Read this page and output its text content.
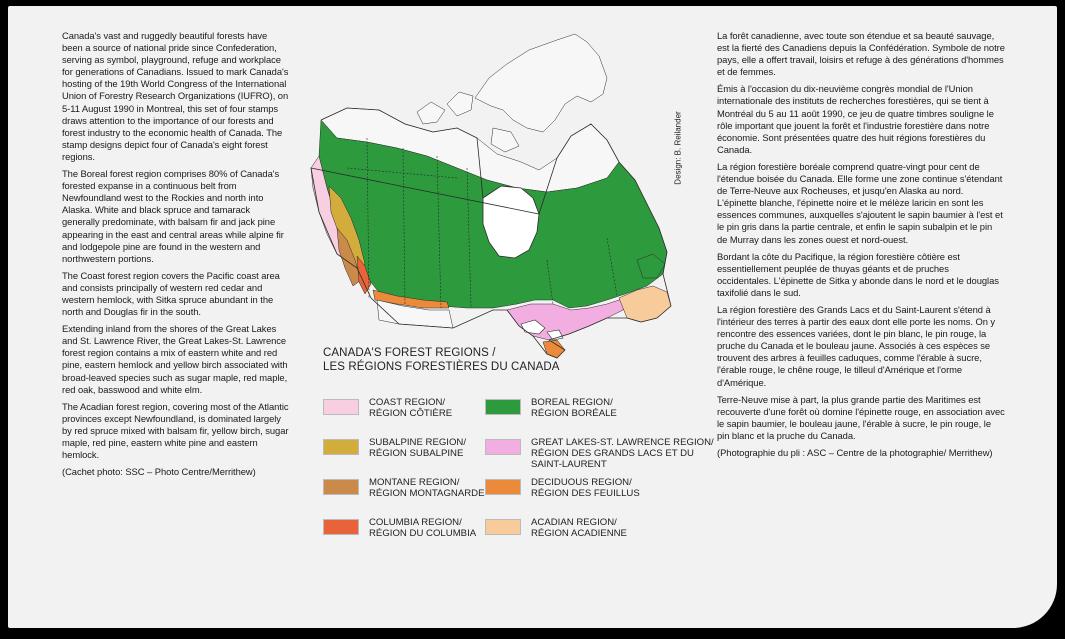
Canada's vast and ruggedly beautiful forests have been a source of national pride since Confederation, serving as symbol, playground, refuge and workplace for generations of Canadians. Issued to mark Canada's hosting of the 19th World Congress of the International Union of Forestry Research Organizations (IUFRO), on 5-11 August 1990 in Montreal, this set of four stamps draws attention to the importance of our forests and forest industry to the economic health of Canada. The stamp designs depict four of Canada's eight forest regions.

The Boreal forest region comprises 80% of Canada's forested expanse in a continuous belt from Newfoundland west to the Rockies and north into Alaska. White and black spruce and tamarack generally predominate, with balsam fir and jack pine appearing in the east and central areas while alpine fir and lodgepole pine are found in the western and northwestern portions.

The Coast forest region covers the Pacific coast area and consists principally of western red cedar and western hemlock, with Sitka spruce abundant in the north and Douglas fir in the south.

Extending inland from the shores of the Great Lakes and St. Lawrence River, the Great Lakes-St. Lawrence forest region contains a mix of eastern white and red pine, eastern hemlock and yellow birch associated with broad-leaved species such as sugar maple, red maple, red oak, basswood and white elm.

The Acadian forest region, covering most of the Atlantic provinces except Newfoundland, is dominated largely by red spruce mixed with balsam fir, yellow birch, sugar maple, red pine, eastern white pine and eastern hemlock.

(Cachet photo: SSC – Photo Centre/Merrithew)

La forêt canadienne, avec toute son étendue et sa beauté sauvage, est la fierté des Canadiens depuis la Confédération. Symbole de notre pays, elle a offert travail, loisirs et refuge à des générations d'hommes et de femmes.

Émis à l'occasion du dix-neuvième congrès mondial de l'Union internationale des instituts de recherches forestières, qui se tient à Montréal du 5 au 11 août 1990, ce jeu de quatre timbres souligne le rôle important que jouent la forêt et l'industrie forestière dans notre économie. Sont présentées quatre des huit régions forestières du Canada.

La région forestière boréale comprend quatre-vingt pour cent de l'étendue boisée du Canada. Elle forme une zone continue s'étendant de Terre-Neuve aux Rocheuses, et jusqu'en Alaska au nord. L'épinette blanche, l'épinette noire et le mélèze laricin en sont les essences communes, auxquelles s'ajoutent le sapin baumier à l'est et le pin gris dans la partie centrale, et enfin le sapin subalpin et le pin de Murray dans les zones ouest et nord-ouest.

Bordant la côte du Pacifique, la région forestière côtière est essentiellement peuplée de thuyas géants et de pruches occidentales. L'épinette de Sitka y abonde dans le nord et le douglas taxifolié dans le sud.

La région forestière des Grands Lacs et du Saint-Laurent s'étend à l'intérieur des terres à partir des eaux dont elle porte les noms. On y rencontre des essences variées, dont le pin blanc, le pin rouge, la pruche du Canada et le bouleau jaune. Associés à ces espèces se trouvent des arbres à feuilles caduques, comme l'érable à sucre, l'érable rouge, le chêne rouge, le tilleul d'Amérique et l'orme d'Amérique.

Terre-Neuve mise à part, la plus grande partie des Maritimes est recouverte d'une forêt où domine l'épinette rouge, en association avec le sapin baumier, le bouleau jaune, l'érable à sucre, le pin rouge, le pin blanc et la pruche du Canada.

(Photographie du pli : ASC – Centre de la photographie/ Merrithew)

Design: B. Reilander
CANADA'S FOREST REGIONS /
LES RÉGIONS FORESTIÈRES DU CANADA
COAST REGION/
RÉGION CÔTIÈRE
SUBALPINE REGION/
RÉGION SUBALPINE
MONTANE REGION/
RÉGION MONTAGNARDE
COLUMBIA REGION/
RÉGION DU COLUMBIA
BOREAL REGION/
RÉGION BORÉALE
GREAT LAKES-ST. LAWRENCE REGION/
RÉGION DES GRANDS LACS ET DU
SAINT-LAURENT
DECIDUOUS REGION/
RÉGION DES FEUILLUS
ACADIAN REGION/
RÉGION ACADIENNE
